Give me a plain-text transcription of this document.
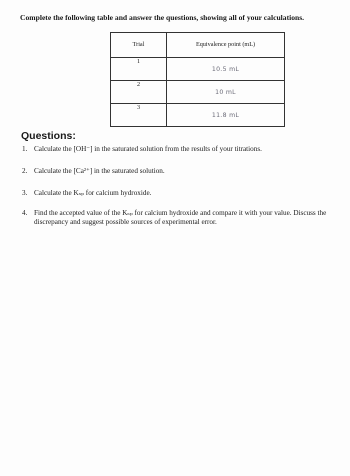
Complete the following table and answer the questions, showing all of your calculations.

Trial	Equivalence point (mL)
1	10.5 mL
2	10 mL
3	11.8 mL

Questions:

1. Calculate the [OH⁻] in the saturated solution from the results of your titrations.
2. Calculate the [Ca²⁺] in the saturated solution.
3. Calculate the Kₛₚ for calcium hydroxide.
4. Find the accepted value of the Kₛₚ for calcium hydroxide and compare it with your value. Discuss the discrepancy and suggest possible sources of experimental error.
